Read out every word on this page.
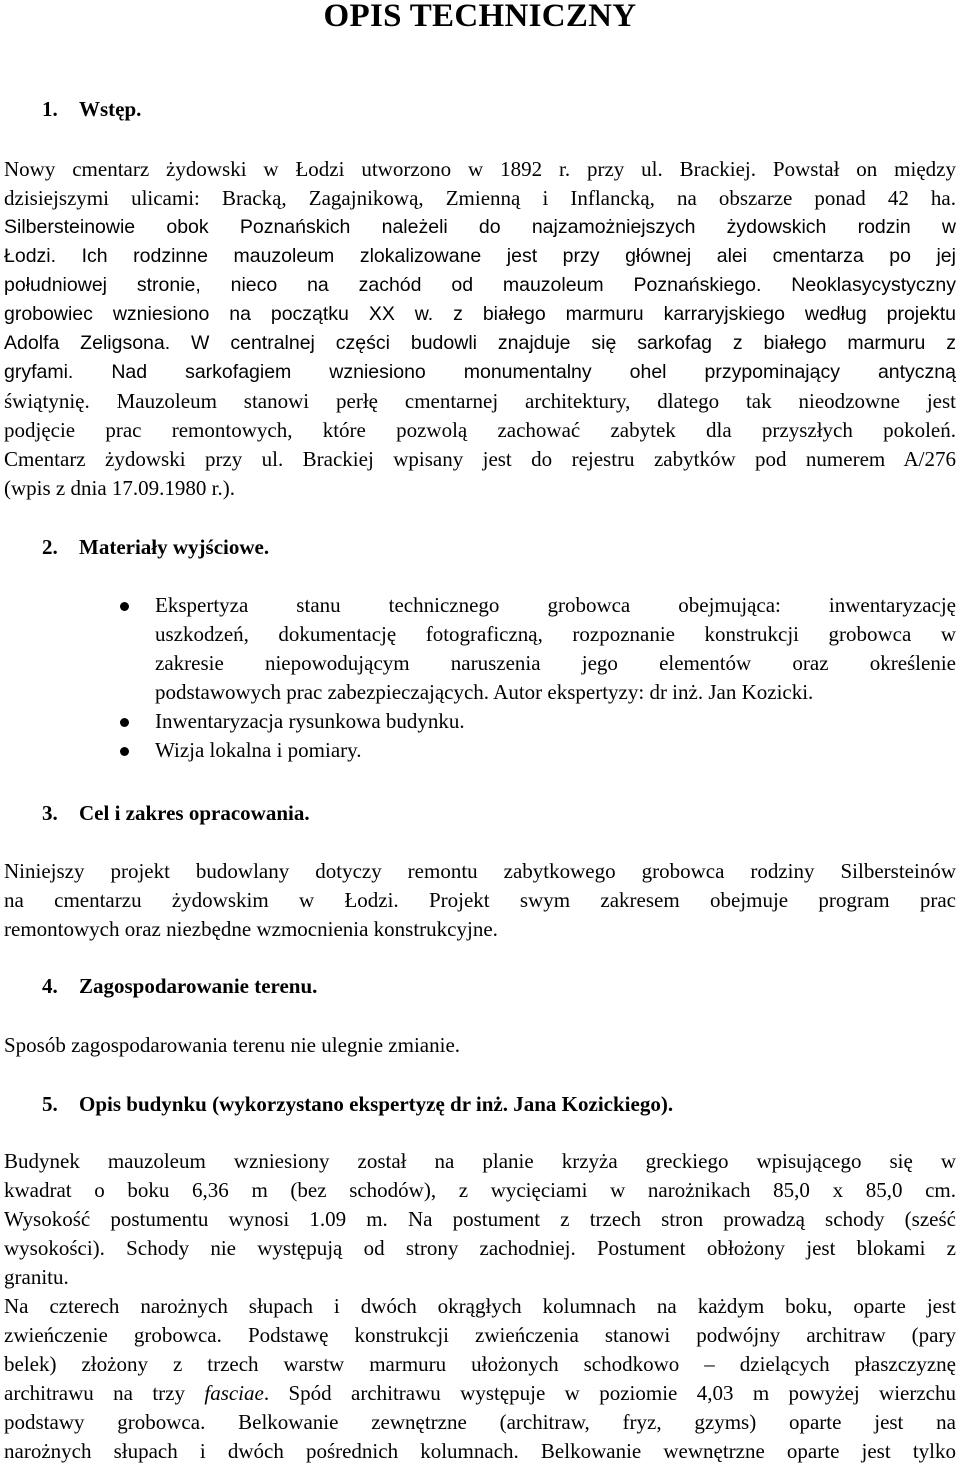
OPIS TECHNICZNY
1. Wstęp.
Nowy cmentarz żydowski w Łodzi utworzono w 1892 r. przy ul. Brackiej. Powstał on między
dzisiejszymi ulicami: Bracką, Zagajnikową, Zmienną i Inflancką, na obszarze ponad 42 ha.
Silbersteinowie obok Poznańskich należeli do najzamożniejszych żydowskich rodzin w
Łodzi. Ich rodzinne mauzoleum zlokalizowane jest przy głównej alei cmentarza po jej
południowej stronie, nieco na zachód od mauzoleum Poznańskiego. Neoklasycystyczny
grobowiec wzniesiono na początku XX w. z białego marmuru karraryjskiego według projektu
Adolfa Zeligsona. W centralnej części budowli znajduje się sarkofag z białego marmuru z
gryfami. Nad sarkofagiem wzniesiono monumentalny ohel przypominający antyczną
świątynię. Mauzoleum stanowi perłę cmentarnej architektury, dlatego tak nieodzowne jest
podjęcie prac remontowych, które pozwolą zachować zabytek dla przyszłych pokoleń.
Cmentarz żydowski przy ul. Brackiej wpisany jest do rejestru zabytków pod numerem A/276
(wpis z dnia 17.09.1980 r.).
2. Materiały wyjściowe.
Ekspertyza stanu technicznego grobowca obejmująca: inwentaryzację
uszkodzeń, dokumentację fotograficzną, rozpoznanie konstrukcji grobowca w
zakresie niepowodującym naruszenia jego elementów oraz określenie
podstawowych prac zabezpieczających. Autor ekspertyzy: dr inż. Jan Kozicki.
Inwentaryzacja rysunkowa budynku.
Wizja lokalna i pomiary.
3. Cel i zakres opracowania.
Niniejszy projekt budowlany dotyczy remontu zabytkowego grobowca rodziny Silbersteinów
na cmentarzu żydowskim w Łodzi. Projekt swym zakresem obejmuje program prac
remontowych oraz niezbędne wzmocnienia konstrukcyjne.
4. Zagospodarowanie terenu.
Sposób zagospodarowania terenu nie ulegnie zmianie.
5. Opis budynku (wykorzystano ekspertyzę dr inż. Jana Kozickiego).
Budynek mauzoleum wzniesiony został na planie krzyża greckiego wpisującego się w
kwadrat o boku 6,36 m (bez schodów), z wycięciami w narożnikach 85,0 x 85,0 cm.
Wysokość postumentu wynosi 1.09 m. Na postument z trzech stron prowadzą schody (sześć
wysokości). Schody nie występują od strony zachodniej. Postument obłożony jest blokami z
granitu.
Na czterech narożnych słupach i dwóch okrągłych kolumnach na każdym boku, oparte jest
zwieńczenie grobowca. Podstawę konstrukcji zwieńczenia stanowi podwójny architraw (pary
belek) złożony z trzech warstw marmuru ułożonych schodkowo – dzielących płaszczyznę
architrawu na trzy fasciae. Spód architrawu występuje w poziomie 4,03 m powyżej wierzchu
podstawy grobowca. Belkowanie zewnętrzne (architraw, fryz, gzyms) oparte jest na
narożnych słupach i dwóch pośrednich kolumnach. Belkowanie wewnętrzne oparte jest tylko
